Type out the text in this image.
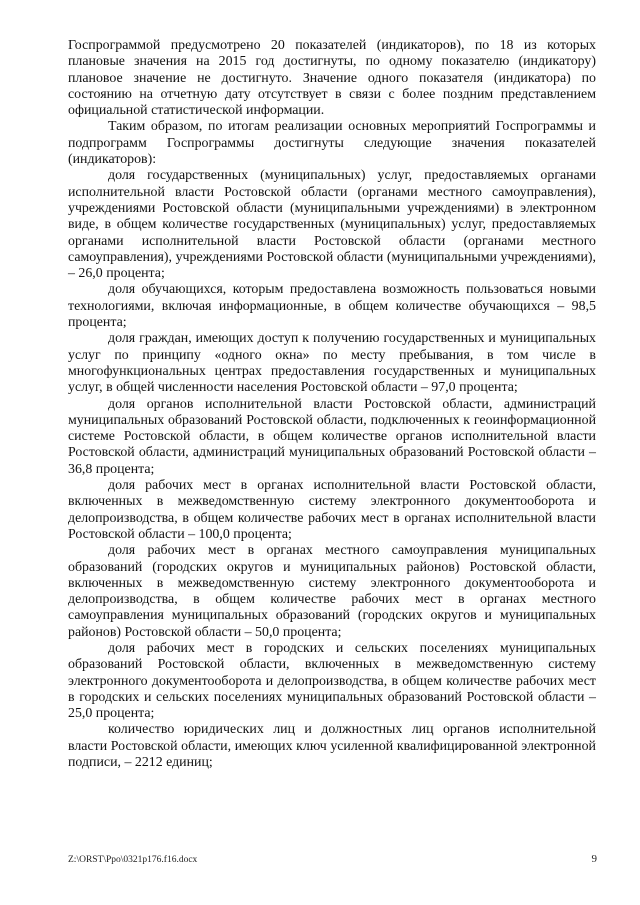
Госпрограммой предусмотрено 20 показателей (индикаторов), по 18 из которых плановые значения на 2015 год достигнуты, по одному показателю (индикатору) плановое значение не достигнуто. Значение одного показателя (индикатора) по состоянию на отчетную дату отсутствует в связи с более поздним представлением официальной статистической информации.

Таким образом, по итогам реализации основных мероприятий Госпрограммы и подпрограмм Госпрограммы достигнуты следующие значения показателей (индикаторов):

доля государственных (муниципальных) услуг, предоставляемых органами исполнительной власти Ростовской области (органами местного самоуправления), учреждениями Ростовской области (муниципальными учреждениями) в электронном виде, в общем количестве государственных (муниципальных) услуг, предоставляемых органами исполнительной власти Ростовской области (органами местного самоуправления), учреждениями Ростовской области (муниципальными учреждениями), – 26,0 процента;

доля обучающихся, которым предоставлена возможность пользоваться новыми технологиями, включая информационные, в общем количестве обучающихся – 98,5 процента;

доля граждан, имеющих доступ к получению государственных и муниципальных услуг по принципу «одного окна» по месту пребывания, в том числе в многофункциональных центрах предоставления государственных и муниципальных услуг, в общей численности населения Ростовской области – 97,0 процента;

доля органов исполнительной власти Ростовской области, администраций муниципальных образований Ростовской области, подключенных к геоинформационной системе Ростовской области, в общем количестве органов исполнительной власти Ростовской области, администраций муниципальных образований Ростовской области – 36,8 процента;

доля рабочих мест в органах исполнительной власти Ростовской области, включенных в межведомственную систему электронного документооборота и делопроизводства, в общем количестве рабочих мест в органах исполнительной власти Ростовской области – 100,0 процента;

доля рабочих мест в органах местного самоуправления муниципальных образований (городских округов и муниципальных районов) Ростовской области, включенных в межведомственную систему электронного документооборота и делопроизводства, в общем количестве рабочих мест в органах местного самоуправления муниципальных образований (городских округов и муниципальных районов) Ростовской области – 50,0 процента;

доля рабочих мест в городских и сельских поселениях муниципальных образований Ростовской области, включенных в межведомственную систему электронного документооборота и делопроизводства, в общем количестве рабочих мест в городских и сельских поселениях муниципальных образований Ростовской области – 25,0 процента;

количество юридических лиц и должностных лиц органов исполнительной власти Ростовской области, имеющих ключ усиленной квалифицированной электронной подписи, – 2212 единиц;

Z:\ORST\Ppo\0321p176.f16.docx	9
